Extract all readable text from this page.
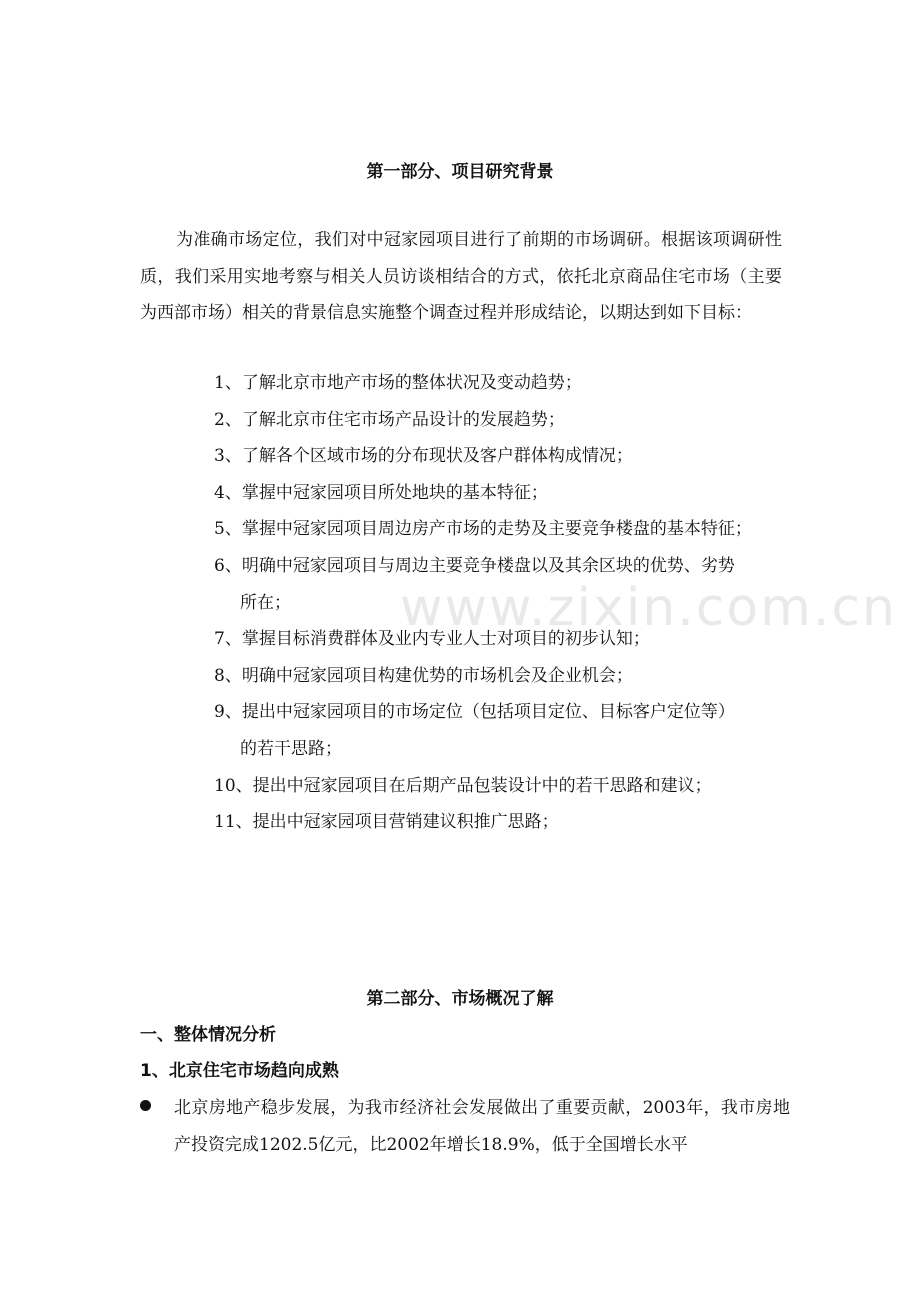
第一部分、项目研究背景

为准确市场定位，我们对中冠家园项目进行了前期的市场调研。根据该项调研性质，我们采用实地考察与相关人员访谈相结合的方式，依托北京商品住宅市场（主要为西部市场）相关的背景信息实施整个调查过程并形成结论，以期达到如下目标：

1、了解北京市地产市场的整体状况及变动趋势；
2、了解北京市住宅市场产品设计的发展趋势；
3、了解各个区域市场的分布现状及客户群体构成情况；
4、掌握中冠家园项目所处地块的基本特征；
5、掌握中冠家园项目周边房产市场的走势及主要竞争楼盘的基本特征；
6、明确中冠家园项目与周边主要竞争楼盘以及其余区块的优势、劣势
所在；
7、掌握目标消费群体及业内专业人士对项目的初步认知；
8、明确中冠家园项目构建优势的市场机会及企业机会；
9、提出中冠家园项目的市场定位（包括项目定位、目标客户定位等）
的若干思路；
10、提出中冠家园项目在后期产品包装设计中的若干思路和建议；
11、提出中冠家园项目营销建议积推广思路；
www.zixin.com.cn
第二部分、市场概况了解
一、整体情况分析
1、北京住宅市场趋向成熟

北京房地产稳步发展，为我市经济社会发展做出了重要贡献，2003年，我市房地产投资完成1202.5亿元，比2002年增长18.9%，低于全国增长水平
